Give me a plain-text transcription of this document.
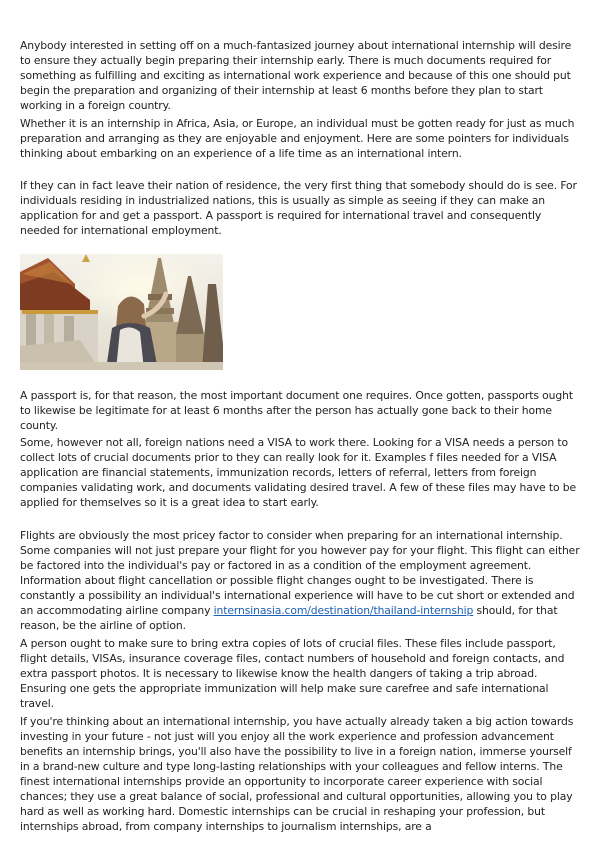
Anybody interested in setting off on a much-fantasized journey about international internship will desire to ensure they actually begin preparing their internship early. There is much documents required for something as fulfilling and exciting as international work experience and because of this one should put begin the preparation and organizing of their internship at least 6 months before they plan to start working in a foreign country.

Whether it is an internship in Africa, Asia, or Europe, an individual must be gotten ready for just as much preparation and arranging as they are enjoyable and enjoyment. Here are some pointers for individuals thinking about embarking on an experience of a life time as an international intern.

If they can in fact leave their nation of residence, the very first thing that somebody should do is see. For individuals residing in industrialized nations, this is usually as simple as seeing if they can make an application for and get a passport. A passport is required for international travel and consequently needed for international employment.

A passport is, for that reason, the most important document one requires. Once gotten, passports ought to likewise be legitimate for at least 6 months after the person has actually gone back to their home county.

Some, however not all, foreign nations need a VISA to work there. Looking for a VISA needs a person to collect lots of crucial documents prior to they can really look for it. Examples f files needed for a VISA application are financial statements, immunization records, letters of referral, letters from foreign companies validating work, and documents validating desired travel. A few of these files may have to be applied for themselves so it is a great idea to start early.

Flights are obviously the most pricey factor to consider when preparing for an international internship. Some companies will not just prepare your flight for you however pay for your flight. This flight can either be factored into the individual's pay or factored in as a condition of the employment agreement. Information about flight cancellation or possible flight changes ought to be investigated. There is constantly a possibility an individual's international experience will have to be cut short or extended and an accommodating airline company internsinasia.com/destination/thailand-internship should, for that reason, be the airline of option.

A person ought to make sure to bring extra copies of lots of crucial files. These files include passport, flight details, VISAs, insurance coverage files, contact numbers of household and foreign contacts, and extra passport photos. It is necessary to likewise know the health dangers of taking a trip abroad. Ensuring one gets the appropriate immunization will help make sure carefree and safe international travel.

If you're thinking about an international internship, you have actually already taken a big action towards investing in your future - not just will you enjoy all the work experience and profession advancement benefits an internship brings, you'll also have the possibility to live in a foreign nation, immerse yourself in a brand-new culture and type long-lasting relationships with your colleagues and fellow interns. The finest international internships provide an opportunity to incorporate career experience with social chances; they use a great balance of social, professional and cultural opportunities, allowing you to play hard as well as working hard. Domestic internships can be crucial in reshaping your profession, but internships abroad, from company internships to journalism internships, are a
